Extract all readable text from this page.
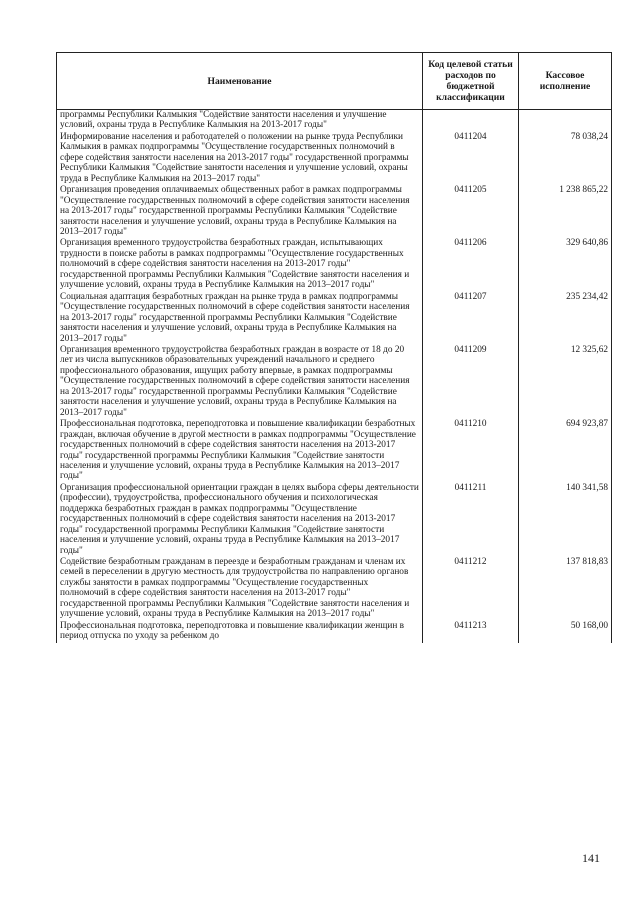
Наименование	Код целевой статьи расходов по бюджетной классификации	Кассовое исполнение
программы Республики Калмыкия "Содействие занятости населения и улучшение условий, охраны труда в Республике Калмыкия на 2013-2017 годы"		
Информирование населения и работодателей о положении на рынке труда Республики Калмыкия в рамках подпрограммы "Осуществление государственных полномочий в сфере содействия занятости населения на 2013-2017 годы" государственной программы Республики Калмыкия "Содействие занятости населения и улучшение условий, охраны труда в Республике Калмыкия на 2013–2017 годы"	0411204	78 038,24
Организация проведения оплачиваемых общественных работ в рамках подпрограммы "Осуществление государственных полномочий в сфере содействия занятости населения на 2013-2017 годы" государственной программы Республики Калмыкия "Содействие занятости населения и улучшение условий, охраны труда в Республике Калмыкия на 2013–2017 годы"	0411205	1 238 865,22
Организация временного трудоустройства безработных граждан, испытывающих трудности в поиске работы в рамках подпрограммы "Осуществление государственных полномочий в сфере содействия занятости населения на 2013-2017 годы" государственной программы Республики Калмыкия "Содействие занятости населения и улучшение условий, охраны труда в Республике Калмыкия на 2013–2017 годы"	0411206	329 640,86
Социальная адаптация безработных граждан на рынке труда в рамках подпрограммы "Осуществление государственных полномочий в сфере содействия занятости населения на 2013-2017 годы" государственной программы Республики Калмыкия "Содействие занятости населения и улучшение условий, охраны труда в Республике Калмыкия на 2013–2017 годы"	0411207	235 234,42
Организация временного трудоустройства безработных граждан в возрасте от 18 до 20 лет из числа выпускников образовательных учреждений начального и среднего профессионального образования, ищущих работу впервые, в рамках подпрограммы "Осуществление государственных полномочий в сфере содействия занятости населения на 2013-2017 годы" государственной программы Республики Калмыкия "Содействие занятости населения и улучшение условий, охраны труда в Республике Калмыкия на 2013–2017 годы"	0411209	12 325,62
Профессиональная подготовка, переподготовка и повышение квалификации безработных граждан, включая обучение в другой местности в рамках подпрограммы "Осуществление государственных полномочий в сфере содействия занятости населения на 2013-2017 годы" государственной программы Республики Калмыкия "Содействие занятости населения и улучшение условий, охраны труда в Республике Калмыкия на 2013–2017 годы"	0411210	694 923,87
Организация профессиональной ориентации граждан в целях выбора сферы деятельности (профессии), трудоустройства, профессионального обучения и психологическая поддержка безработных граждан в рамках подпрограммы "Осуществление государственных полномочий в сфере содействия занятости населения на 2013-2017 годы" государственной программы Республики Калмыкия "Содействие занятости населения и улучшение условий, охраны труда в Республике Калмыкия на 2013–2017 годы"	0411211	140 341,58
Содействие безработным гражданам в переезде и безработным гражданам и членам их семей в переселении в другую местность для трудоустройства по направлению органов службы занятости в рамках подпрограммы "Осуществление государственных полномочий в сфере содействия занятости населения на 2013-2017 годы" государственной программы Республики Калмыкия "Содействие занятости населения и улучшение условий, охраны труда в Республике Калмыкия на 2013–2017 годы"	0411212	137 818,83
Профессиональная подготовка, переподготовка и повышение квалификации женщин в период отпуска по уходу за ребенком до	0411213	50 168,00
141
